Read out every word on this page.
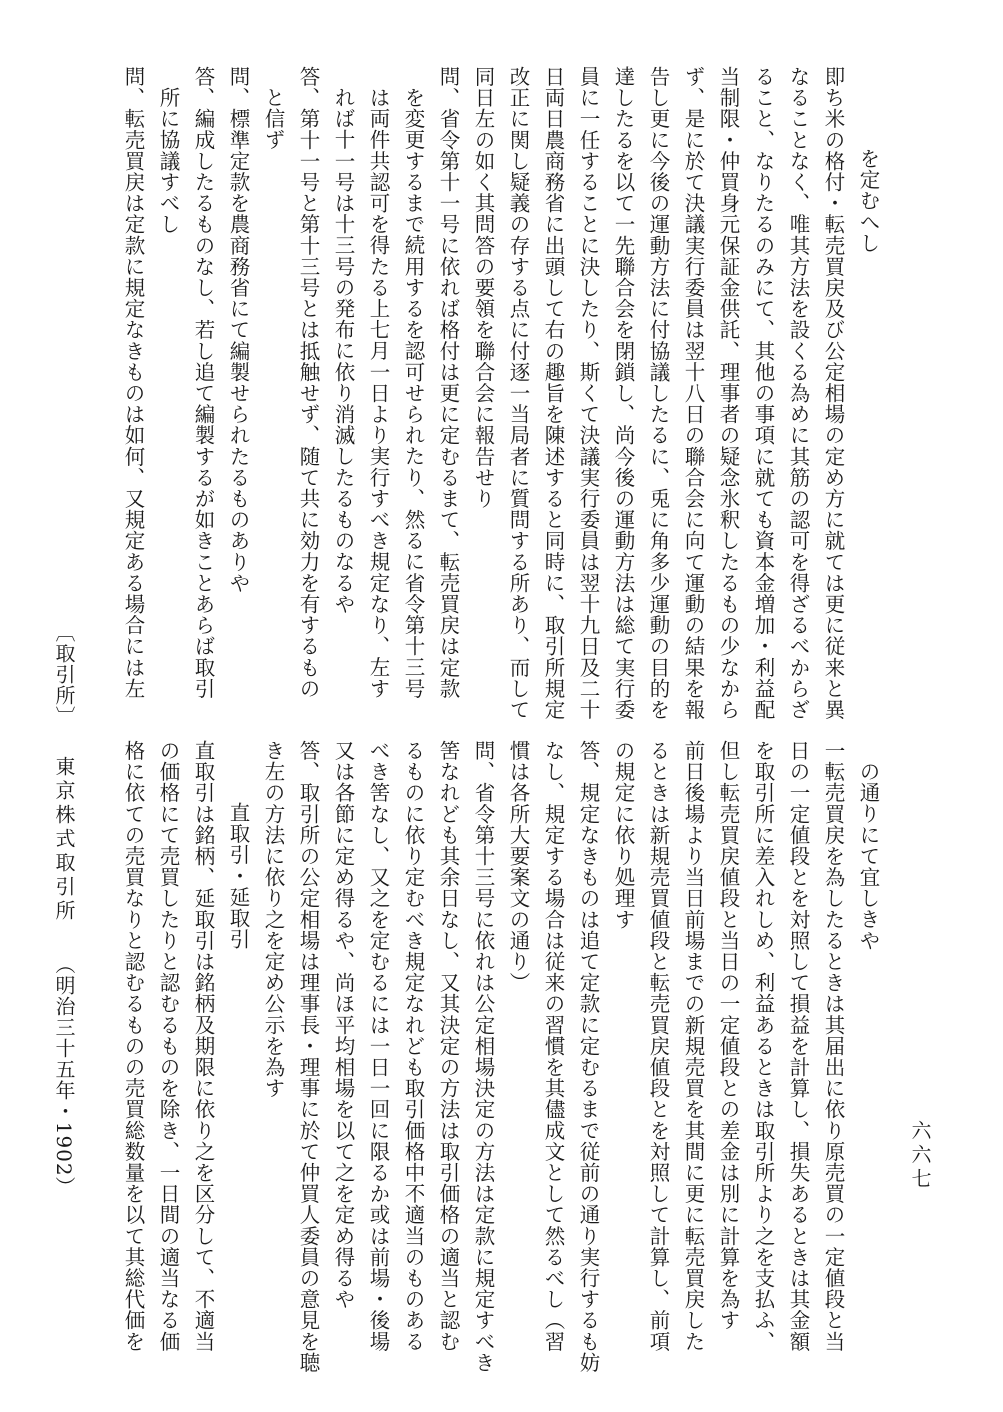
を定むへし
即ち米の格付・転売買戻及び公定相場の定め方に就ては更に従来と異
なることなく、唯其方法を設くる為めに其筋の認可を得ざるべからざ
ること、なりたるのみにて、其他の事項に就ても資本金増加・利益配
当制限・仲買身元保証金供託、理事者の疑念氷釈したるもの少なから
ず、是に於て決議実行委員は翌十八日の聯合会に向て運動の結果を報
告し更に今後の運動方法に付協議したるに、兎に角多少運動の目的を
達したるを以て一先聯合会を閉鎖し、尚今後の運動方法は総て実行委
員に一任することに決したり、斯くて決議実行委員は翌十九日及二十
日両日農商務省に出頭して右の趣旨を陳述すると同時に、取引所規定
改正に関し疑義の存する点に付逐一当局者に質問する所あり、而して
同日左の如く其問答の要領を聯合会に報告せり
問、省令第十一号に依れば格付は更に定むるまて、転売買戻は定款
を変更するまで続用するを認可せられたり、然るに省令第十三号
は両件共認可を得たる上七月一日より実行すべき規定なり、左す
れば十一号は十三号の発布に依り消滅したるものなるや
答、第十一号と第十三号とは抵触せず、随て共に効力を有するもの
と信ず
問、標準定款を農商務省にて編製せられたるものありや
答、編成したるものなし、若し追て編製するが如きことあらば取引
所に協議すべし
問、転売買戻は定款に規定なきものは如何、又規定ある場合には左
の通りにて宜しきや
一転売買戻を為したるときは其届出に依り原売買の一定値段と当
日の一定値段とを対照して損益を計算し、損失あるときは其金額
を取引所に差入れしめ、利益あるときは取引所より之を支払ふ、
但し転売買戻値段と当日の一定値段との差金は別に計算を為す
前日後場より当日前場までの新規売買を其間に更に転売買戻した
るときは新規売買値段と転売買戻値段とを対照して計算し、前項
の規定に依り処理す
答、規定なきものは追て定款に定むるまで従前の通り実行するも妨
なし、規定する場合は従来の習慣を其儘成文として然るべし（習
慣は各所大要案文の通り）
問、省令第十三号に依れは公定相場決定の方法は定款に規定すべき
筈なれども其余日なし、又其決定の方法は取引価格の適当と認む
るものに依り定むべき規定なれども取引価格中不適当のものある
べき筈なし、又之を定むるには一日一回に限るか或は前場・後場
又は各節に定め得るや、尚ほ平均相場を以て之を定め得るや
答、取引所の公定相場は理事長・理事に於て仲買人委員の意見を聴
き左の方法に依り之を定め公示を為す
直取引・延取引
直取引は銘柄、延取引は銘柄及期限に依り之を区分して、不適当
の価格にて売買したりと認むるものを除き、一日間の適当なる価
格に依ての売買なりと認むるものの売買総数量を以て其総代価を
〔取引所〕 東京株式取引所 （明治三十五年・1902）	六六七
